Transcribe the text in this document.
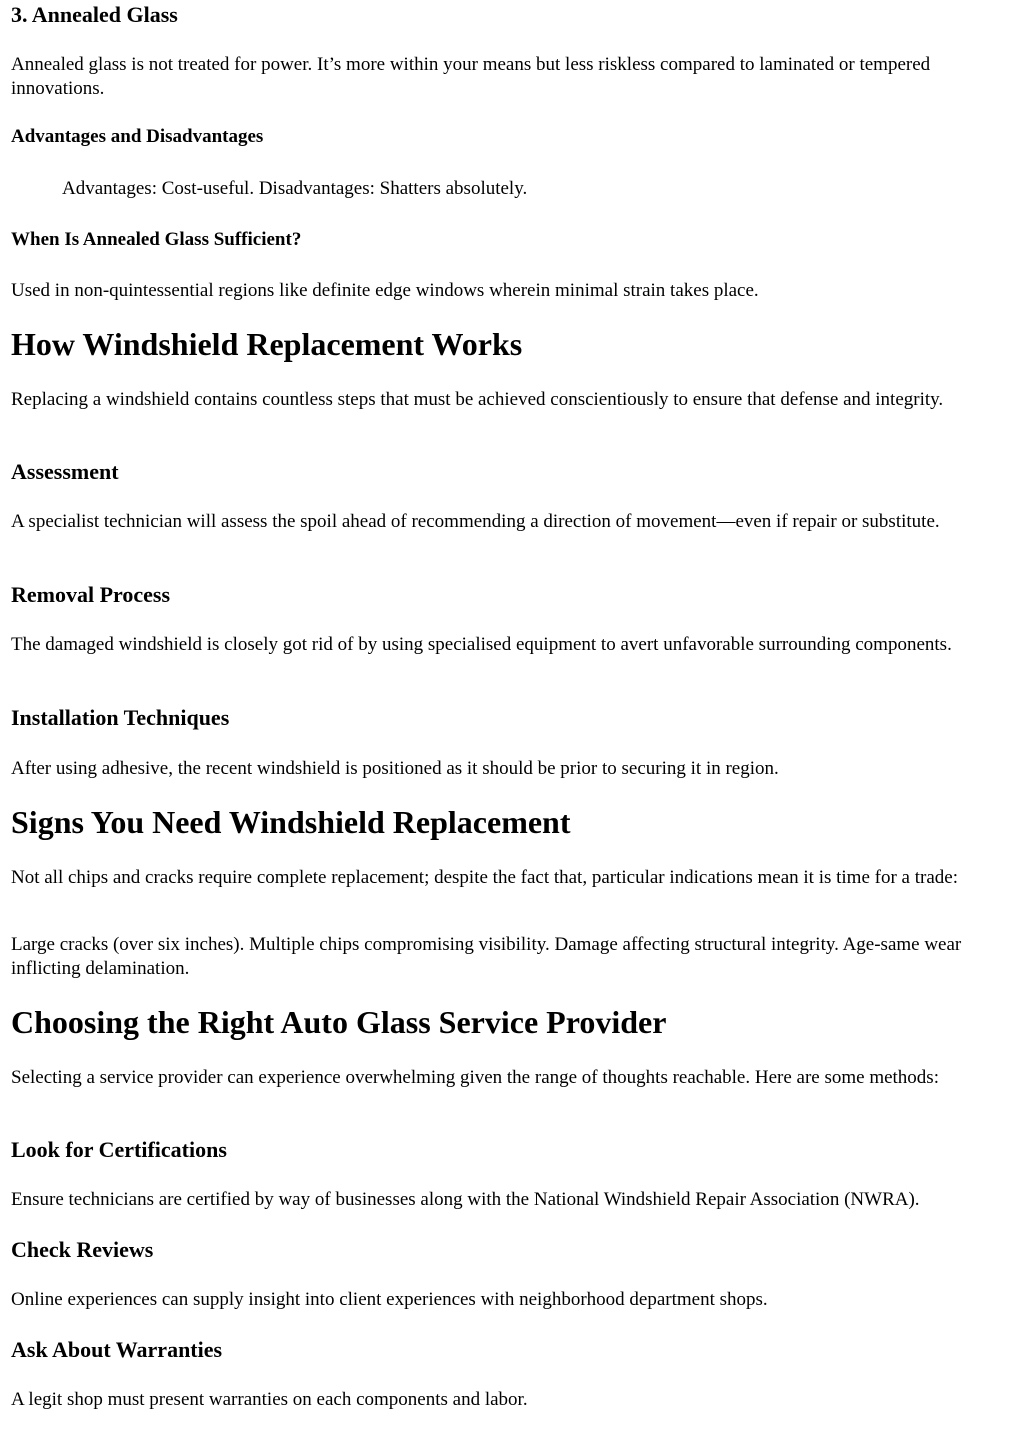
3. Annealed Glass

Annealed glass is not treated for power. It’s more within your means but less riskless compared to laminated or tempered innovations.

Advantages and Disadvantages

Advantages: Cost-useful. Disadvantages: Shatters absolutely.

When Is Annealed Glass Sufficient?

Used in non-quintessential regions like definite edge windows wherein minimal strain takes place.

How Windshield Replacement Works

Replacing a windshield contains countless steps that must be achieved conscientiously to ensure that defense and integrity.

Assessment

A specialist technician will assess the spoil ahead of recommending a direction of movement—even if repair or substitute.

Removal Process

The damaged windshield is closely got rid of by using specialised equipment to avert unfavorable surrounding components.

Installation Techniques

After using adhesive, the recent windshield is positioned as it should be prior to securing it in region.

Signs You Need Windshield Replacement

Not all chips and cracks require complete replacement; despite the fact that, particular indications mean it is time for a trade:

Large cracks (over six inches). Multiple chips compromising visibility. Damage affecting structural integrity. Age-same wear inflicting delamination.

Choosing the Right Auto Glass Service Provider

Selecting a service provider can experience overwhelming given the range of thoughts reachable. Here are some methods:

Look for Certifications

Ensure technicians are certified by way of businesses along with the National Windshield Repair Association (NWRA).

Check Reviews

Online experiences can supply insight into client experiences with neighborhood department shops.

Ask About Warranties

A legit shop must present warranties on each components and labor.
